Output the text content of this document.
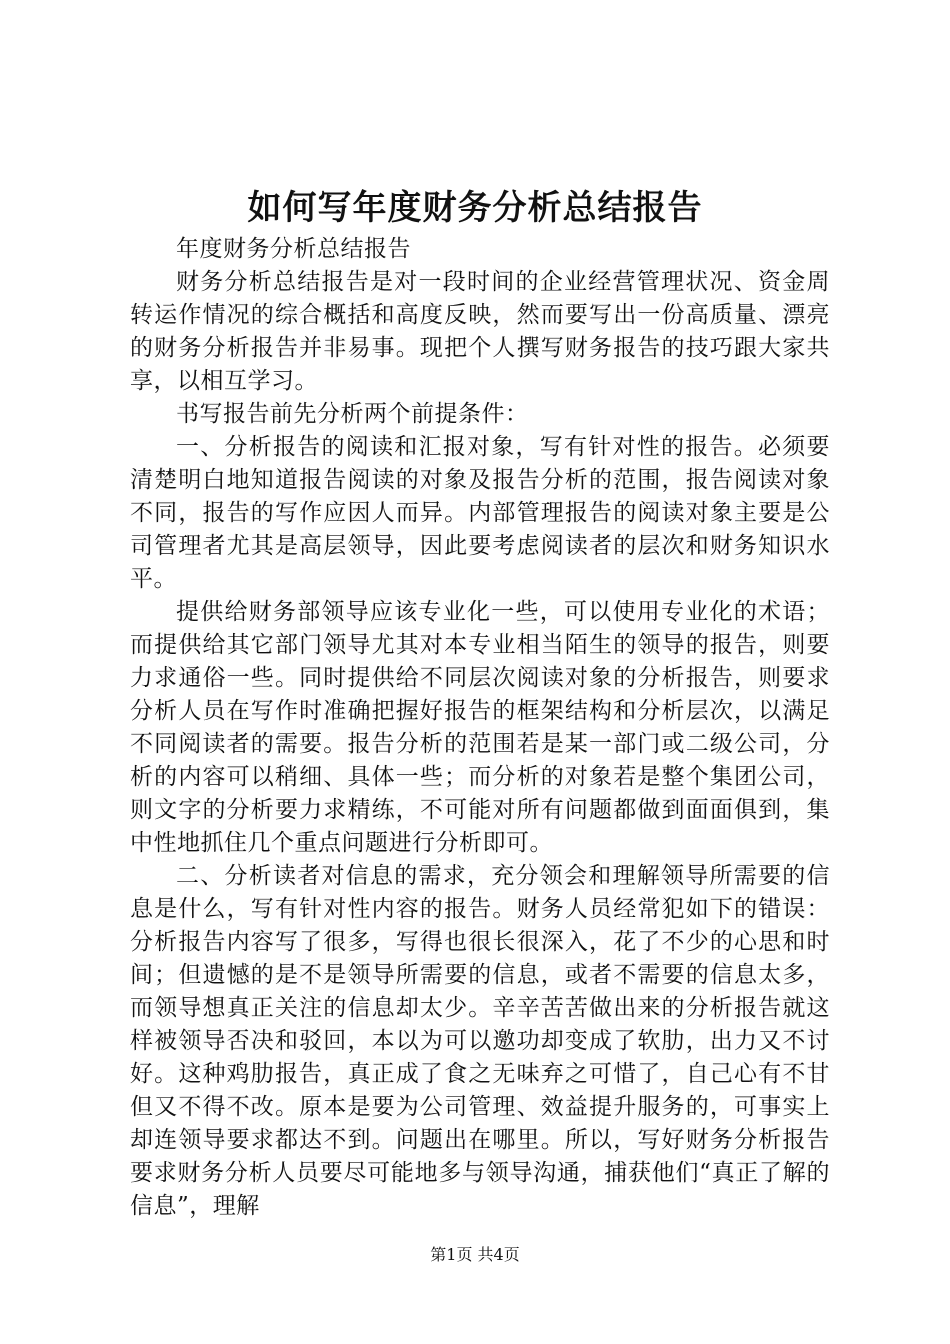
如何写年度财务分析总结报告

年度财务分析总结报告

财务分析总结报告是对一段时间的企业经营管理状况、资金周转运作情况的综合概括和高度反映，然而要写出一份高质量、漂亮的财务分析报告并非易事。现把个人撰写财务报告的技巧跟大家共享，以相互学习。

书写报告前先分析两个前提条件：

一、分析报告的阅读和汇报对象，写有针对性的报告。必须要清楚明白地知道报告阅读的对象及报告分析的范围，报告阅读对象不同，报告的写作应因人而异。内部管理报告的阅读对象主要是公司管理者尤其是高层领导，因此要考虑阅读者的层次和财务知识水平。

提供给财务部领导应该专业化一些，可以使用专业化的术语；而提供给其它部门领导尤其对本专业相当陌生的领导的报告，则要力求通俗一些。同时提供给不同层次阅读对象的分析报告，则要求分析人员在写作时准确把握好报告的框架结构和分析层次，以满足不同阅读者的需要。报告分析的范围若是某一部门或二级公司，分析的内容可以稍细、具体一些；而分析的对象若是整个集团公司，则文字的分析要力求精练，不可能对所有问题都做到面面俱到，集中性地抓住几个重点问题进行分析即可。

二、分析读者对信息的需求，充分领会和理解领导所需要的信息是什么，写有针对性内容的报告。财务人员经常犯如下的错误：分析报告内容写了很多，写得也很长很深入，花了不少的心思和时间；但遗憾的是不是领导所需要的信息，或者不需要的信息太多，而领导想真正关注的信息却太少。辛辛苦苦做出来的分析报告就这样被领导否决和驳回，本以为可以邀功却变成了软肋，出力又不讨好。这种鸡肋报告，真正成了食之无味弃之可惜了，自己心有不甘但又不得不改。原本是要为公司管理、效益提升服务的，可事实上却连领导要求都达不到。问题出在哪里。所以，写好财务分析报告要求财务分析人员要尽可能地多与领导沟通，捕获他们“真正了解的信息”，理解

第1页 共4页
